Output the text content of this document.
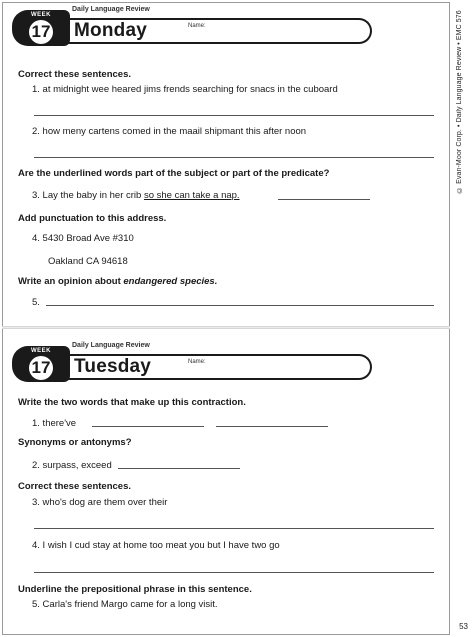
© Evan-Moor Corp. • Daily Language Review • EMC 576
53
Daily Language Review
WEEK
17 Monday	Name:
Correct these sentences.
1. at midnight wee heared jims frends searching for snacs in the cuboard
2. how meny cartens comed in the maail shipmant this after noon
Are the underlined words part of the subject or part of the predicate?
3. Lay the baby in her crib so she can take a nap.
Add punctuation to this address.
4. 5430 Broad Ave #310
Oakland CA 94618
Write an opinion about endangered species.
5.
Daily Language Review
WEEK
17 Tuesday	Name:
Write the two words that make up this contraction.
1. there've
Synonyms or antonyms?
2. surpass, exceed
Correct these sentences.
3. who's dog are them over their
4. I wish I cud stay at home too meat you but I have two go
Underline the prepositional phrase in this sentence.
5. Carla's friend Margo came for a long visit.
